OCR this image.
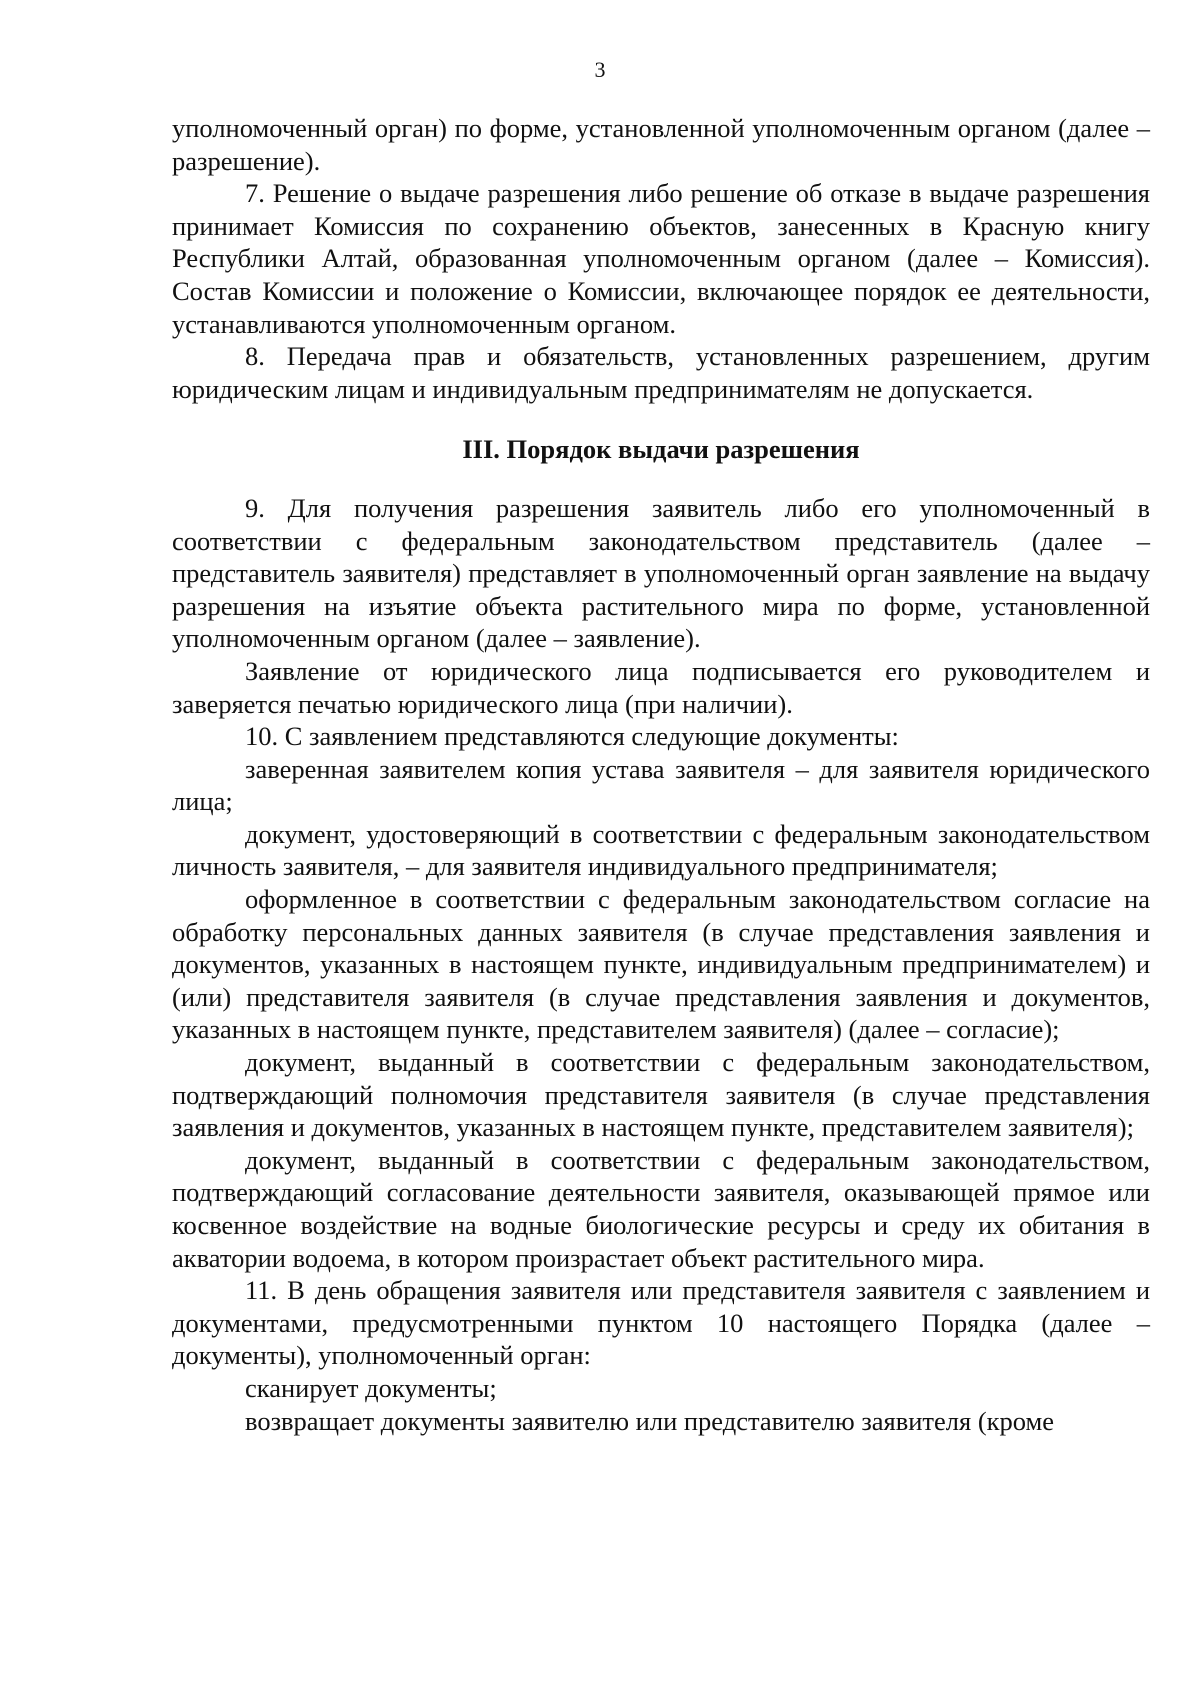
3

уполномоченный орган) по форме, установленной уполномоченным органом (далее – разрешение).

7. Решение о выдаче разрешения либо решение об отказе в выдаче разрешения принимает Комиссия по сохранению объектов, занесенных в Красную книгу Республики Алтай, образованная уполномоченным органом (далее – Комиссия). Состав Комиссии и положение о Комиссии, включающее порядок ее деятельности, устанавливаются уполномоченным органом.

8. Передача прав и обязательств, установленных разрешением, другим юридическим лицам и индивидуальным предпринимателям не допускается.

III. Порядок выдачи разрешения

9. Для получения разрешения заявитель либо его уполномоченный в соответствии с федеральным законодательством представитель (далее – представитель заявителя) представляет в уполномоченный орган заявление на выдачу разрешения на изъятие объекта растительного мира по форме, установленной уполномоченным органом (далее – заявление).

Заявление от юридического лица подписывается его руководителем и заверяется печатью юридического лица (при наличии).

10. С заявлением представляются следующие документы:

заверенная заявителем копия устава заявителя – для заявителя юридического лица;

документ, удостоверяющий в соответствии с федеральным законодательством личность заявителя, – для заявителя индивидуального предпринимателя;

оформленное в соответствии с федеральным законодательством согласие на обработку персональных данных заявителя (в случае представления заявления и документов, указанных в настоящем пункте, индивидуальным предпринимателем) и (или) представителя заявителя (в случае представления заявления и документов, указанных в настоящем пункте, представителем заявителя) (далее – согласие);

документ, выданный в соответствии с федеральным законодательством, подтверждающий полномочия представителя заявителя (в случае представления заявления и документов, указанных в настоящем пункте, представителем заявителя);

документ, выданный в соответствии с федеральным законодательством, подтверждающий согласование деятельности заявителя, оказывающей прямое или косвенное воздействие на водные биологические ресурсы и среду их обитания в акватории водоема, в котором произрастает объект растительного мира.

11. В день обращения заявителя или представителя заявителя с заявлением и документами, предусмотренными пунктом 10 настоящего Порядка (далее – документы), уполномоченный орган:

сканирует документы;

возвращает документы заявителю или представителю заявителя (кроме
